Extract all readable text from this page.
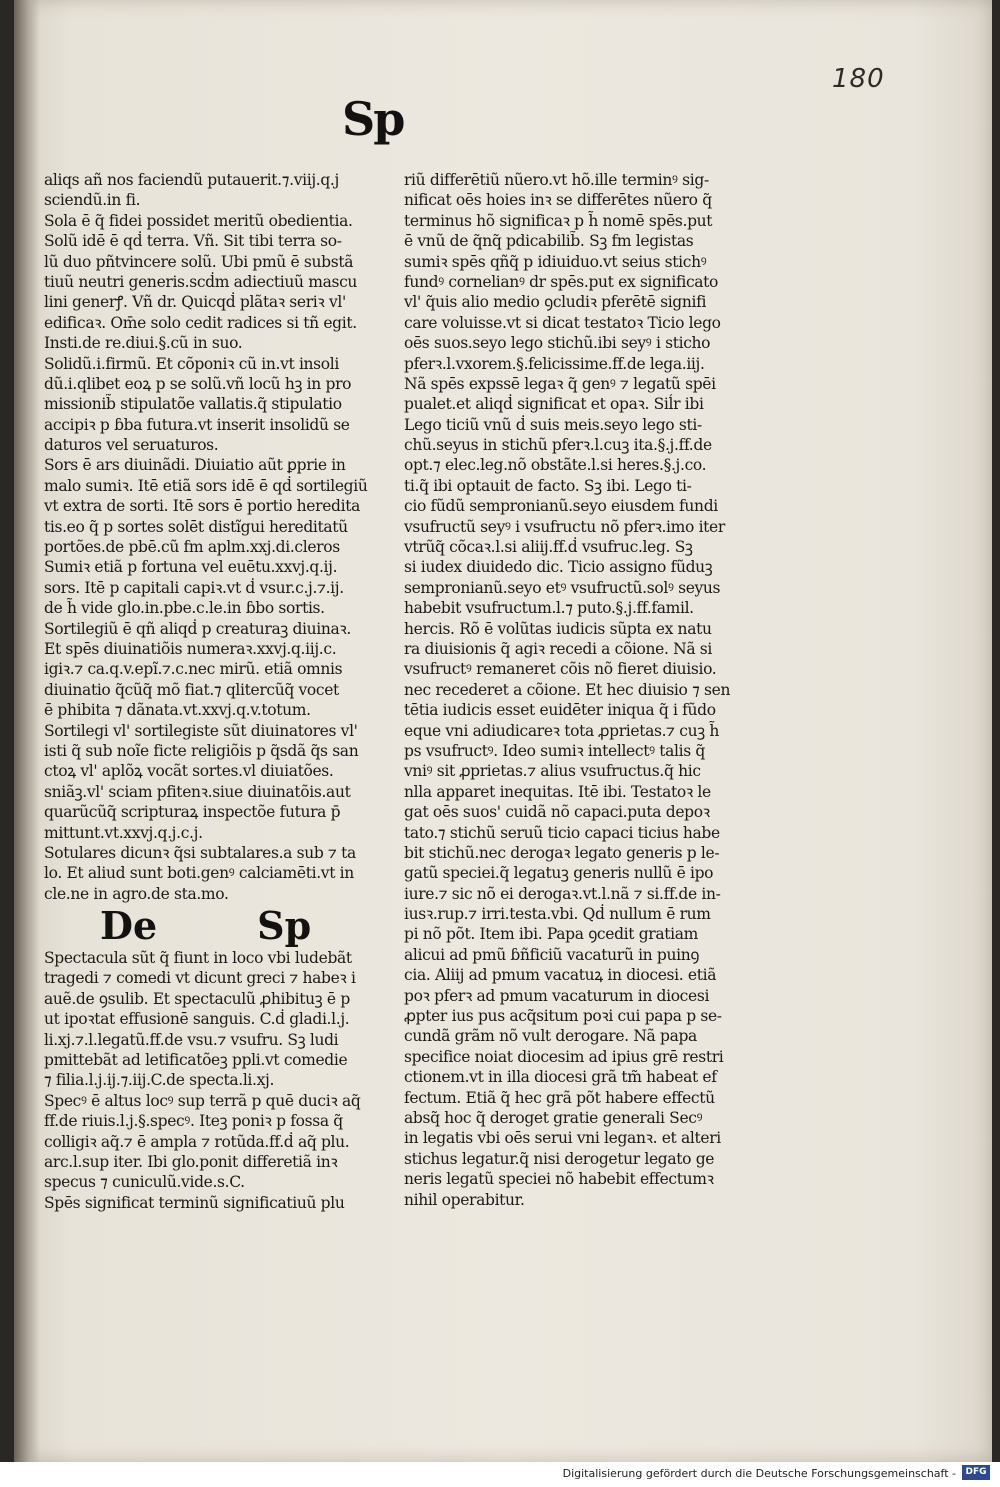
180
Sp
aliqs añ nos faciendũ putauerit.⁊.viij.q.j
sciendũ.in fi.
Sola ē q̃ fidei possidet meritũ obedientia.
Solũ idē ē qḋ terra. Vñ. Sit tibi terra so-
lũ duo pñtvincere solũ. Ubi pmũ ē substã
tiuũ neutri generis.scḋm adiectiuũ mascu
lini generꝭ. Vñ dr. Quicqḋ plãtaꝛ seriꝛ vl'
edificaꝛ. Om̄e solo cedit radices si tñ egit.
Insti.de re.diui.§.cũ in suo.
Solidũ.i.firmũ. Et cõponiꝛ cũ in.vt insoli
dũ.i.qlibet eoꝝ p se solũ.vñ locũ hꝫ in pro
missionib̃ stipulatõe vallatis.q̃ stipulatio
accipiꝛ p ɓba futura.vt inserit insolidũ se
daturos vel seruaturos.
Sors ē ars diuinãdi. Diuiatio aũt ꝑprie in
malo sumiꝛ. Itē etiã sors idē ē qḋ sortilegiũ
vt extra de sorti. Itē sors ē portio heredita
tis.eo q̃ p sortes solēt distĩgui hereditatũ
portões.de pbē.cũ fm aplm.xxj.di.cleros
Sumiꝛ etiã p fortuna vel euētu.xxvj.q.ij.
sors. Itē p capitali capiꝛ.vt ḋ vsur.c.j.⁊.ij.
de h̃ vide glo.in.pbe.c.le.in ɓbo sortis.
Sortilegiũ ē qñ aliqḋ p creaturaꝫ diuinaꝛ.
Et spēs diuinatiõis numeraꝛ.xxvj.q.iij.c.
igiꝛ.⁊ ca.q.v.epĩ.⁊.c.nec mirũ. etiã omnis
diuinatio q̃cũq̃ mõ fiat.⁊ qlitercũq̃ vocet
ē phibita ⁊ dãnata.vt.xxvj.q.v.totum.
Sortilegi vl' sortilegiste sũt diuinatores vl'
isti q̃ sub noĩe ficte religiõis p q̃sdã q̃s san
ctoꝝ vl' aplõꝝ vocãt sortes.vl diuiatões.
sniãꝫ.vl' sciam pfitenꝛ.siue diuinatõis.aut
quarũcũq̃ scripturaꝝ inspectõe futura p̄
mittunt.vt.xxvj.q.j.c.j.
Sotulares dicunꝛ q̃si subtalares.a sub ⁊ ta
lo. Et aliud sunt boti.genꝰ calciamēti.vt in
cle.ne in agro.de sta.mo.
De	Sp
Spectacula sũt q̃ fiunt in loco vbi ludebãt
tragedi ⁊ comedi vt dicunt greci ⁊ habeꝛ i
auẽ.de ꝯsulib. Et spectaculũ ꝓhibituꝫ ē p
ut ipoꝛtat effusionē sanguis. C.ḋ gladi.l.j.
li.xj.⁊.l.legatũ.ff.de vsu.⁊ vsufru. Sꝫ ludi
pmittebãt ad letificatõeꝫ ppli.vt comedie
⁊ filia.l.j.ij.⁊.iij.C.de specta.li.xj.
Specꝰ ē altus locꝰ sup terrã p quē duciꝛ aq̃
ff.de riuis.l.j.§.specꝰ. Iteꝫ poniꝛ p fossa q̃
colligiꝛ aq̃.⁊ ē ampla ⁊ rotũda.ff.ḋ aq̃ plu.
arc.l.sup iter. Ibi glo.ponit differetiã inꝛ
specus ⁊ cuniculũ.vide.s.C.
Spēs significat terminũ significatiuũ plu
riũ differētiũ nũero.vt hõ.ille terminꝰ sig-
nificat oēs hoies inꝛ se differētes nũero q̃
terminus hõ significaꝛ p h̃ nomē spēs.put
ē vnũ de q̃nq̃ pdicabilib̃. Sꝫ fm legistas
sumiꝛ spēs qñq̃ p idiuiduo.vt seius stichꝰ
fundꝰ cornelianꝰ dr spēs.put ex significato
vl' q̃uis alio medio ꝯcludiꝛ pferētē signifi
care voluisse.vt si dicat testatoꝛ Ticio lego
oēs suos.seyo lego stichũ.ibi seyꝰ i sticho
pferꝛ.l.vxorem.§.felicissime.ff.de lega.iij.
Nã spēs expssē legaꝛ q̃ genꝰ ⁊ legatũ spēi
pualet.et aliqḋ significat et opaꝛ. Siĺr ibi
Lego ticiũ vnũ ḋ suis meis.seyo lego sti-
chũ.seyus in stichũ pferꝛ.l.cuꝫ ita.§.j.ff.de
opt.⁊ elec.leg.nõ obstãte.l.si heres.§.j.co.
ti.q̃ ibi optauit de facto. Sꝫ ibi. Lego ti-
cio fũdũ sempronianũ.seyo eiusdem fundi
vsufructũ seyꝰ i vsufructu nõ pferꝛ.imo iter
vtrũq̃ cõcaꝛ.l.si aliij.ff.ḋ vsufruc.leg. Sꝫ
si iudex diuidedo dic. Ticio assigno fũduꝫ
sempronianũ.seyo etꝰ vsufructũ.solꝰ seyus
habebit vsufructum.l.⁊ puto.§.j.ff.famil.
hercis. Rõ ē volũtas iudicis sũpta ex natu
ra diuisionis q̃ agiꝛ recedi a cõione. Nã si
vsufructꝰ remaneret cõis nõ fieret diuisio.
nec recederet a cõione. Et hec diuisio ⁊ sen
tētia iudicis esset euidēter iniqua q̃ i fũdo
eque vni adiudicareꝛ tota ꝓprietas.⁊ cuꝫ h̃
ps vsufructꝰ. Ideo sumiꝛ intellectꝰ talis q̃
vniꝰ sit ꝓprietas.⁊ alius vsufructus.q̃ hic
nlla apparet inequitas. Itē ibi. Testatoꝛ le
gat oēs suos' cuidã nõ capaci.puta depoꝛ
tato.⁊ stichũ seruũ ticio capaci ticius habe
bit stichũ.nec derogaꝛ legato generis p le-
gatũ speciei.q̃ legatuꝫ generis nullũ ē ipo
iure.⁊ sic nõ ei derogaꝛ.vt.l.nã ⁊ si.ff.de in-
iusꝛ.rup.⁊ irri.testa.vbi. Qḋ nullum ē rum
pi nõ põt. Item ibi. Papa ꝯcedit gratiam
alicui ad pmũ ɓñficiũ vacaturũ in puinꝯ
cia. Aliij ad pmum vacatuꝝ in diocesi. etiã
poꝛ pferꝛ ad pmum vacaturum in diocesi
ꝓpter ius pus acq̃situm poꝛi cui papa p se-
cundã grãm nõ vult derogare. Nã papa
specifice noiat diocesim ad ipius grē restri
ctionem.vt in illa diocesi grã tm̃ habeat ef
fectum. Etiã q̃ hec grã põt habere effectũ
absq̃ hoc q̃ deroget gratie generali Secꝰ
in legatis vbi oēs serui vni leganꝛ. et alteri
stichus legatur.q̃ nisi derogetur legato ge
neris legatũ speciei nõ habebit effectumꝛ
nihil operabitur.
Digitalisierung gefördert durch die Deutsche Forschungsgemeinschaft -	DFG
